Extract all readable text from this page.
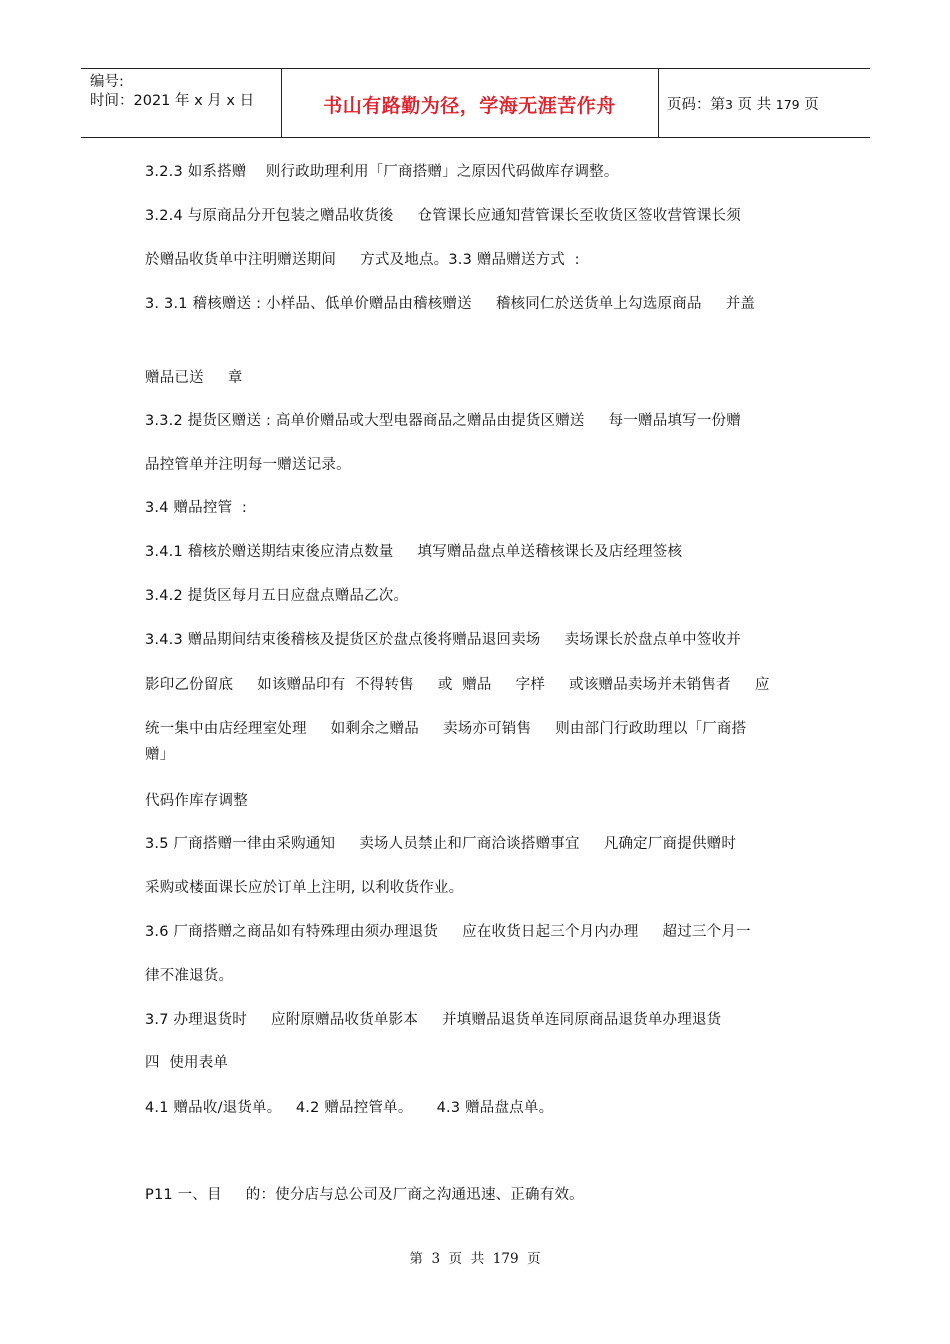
编号:
时间：2021 年 x 月 x 日	书山有路勤为径，学海无涯苦作舟	页码：第3 页 共 179 页
3.2.3 如系搭赠    则行政助理利用「厂商搭赠」之原因代码做库存调整。
3.2.4 与原商品分开包装之赠品收货後     仓管课长应通知营管课长至收货区签收营管课长须
於赠品收货单中注明赠送期间     方式及地点。3.3 赠品赠送方式  :
3. 3.1 稽核赠送 : 小样品、低单价赠品由稽核赠送     稽核同仁於送货单上勾选原商品     并盖
赠品已送     章
3.3.2 提货区赠送 : 高单价赠品或大型电器商品之赠品由提货区赠送     每一赠品填写一份赠
品控管单并注明每一赠送记录。
3.4 赠品控管  :
3.4.1 稽核於赠送期结束後应清点数量     填写赠品盘点单送稽核课长及店经理签核
3.4.2 提货区每月五日应盘点赠品乙次。
3.4.3 赠品期间结束後稽核及提货区於盘点後将赠品退回卖场     卖场课长於盘点单中签收并
影印乙份留底     如该赠品印有  不得转售     或  赠品     字样     或该赠品卖场并未销售者     应
统一集中由店经理室处理     如剩余之赠品     卖场亦可销售     则由部门行政助理以「厂商搭
赠」
代码作库存调整
3.5 厂商搭赠一律由采购通知     卖场人员禁止和厂商洽谈搭赠事宜     凡确定厂商提供赠时
采购或楼面课长应於订单上注明, 以利收货作业。
3.6 厂商搭赠之商品如有特殊理由须办理退货     应在收货日起三个月内办理     超过三个月一
律不准退货。
3.7 办理退货时     应附原赠品收货单影本     并填赠品退货单连同原商品退货单办理退货
四  使用表单
4.1 赠品收/退货单。   4.2 赠品控管单。     4.3 赠品盘点单。
P11 一、目     的：使分店与总公司及厂商之沟通迅速、正确有效。
第  3  页  共  179  页
